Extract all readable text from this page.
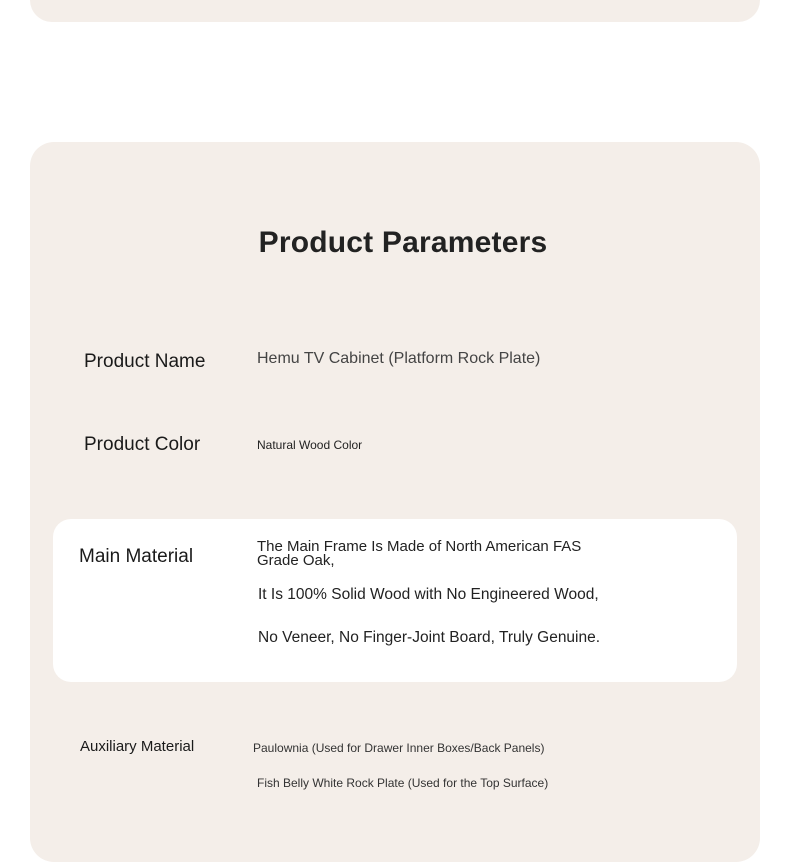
Product Parameters
Product Name	Hemu TV Cabinet (Platform Rock Plate)
Product Color	Natural Wood Color
Main Material	The Main Frame Is Made of North American FAS Grade Oak,
It Is 100% Solid Wood with No Engineered Wood,
No Veneer, No Finger-Joint Board, Truly Genuine.
Auxiliary Material	Paulownia (Used for Drawer Inner Boxes/Back Panels)
Fish Belly White Rock Plate (Used for the Top Surface)
